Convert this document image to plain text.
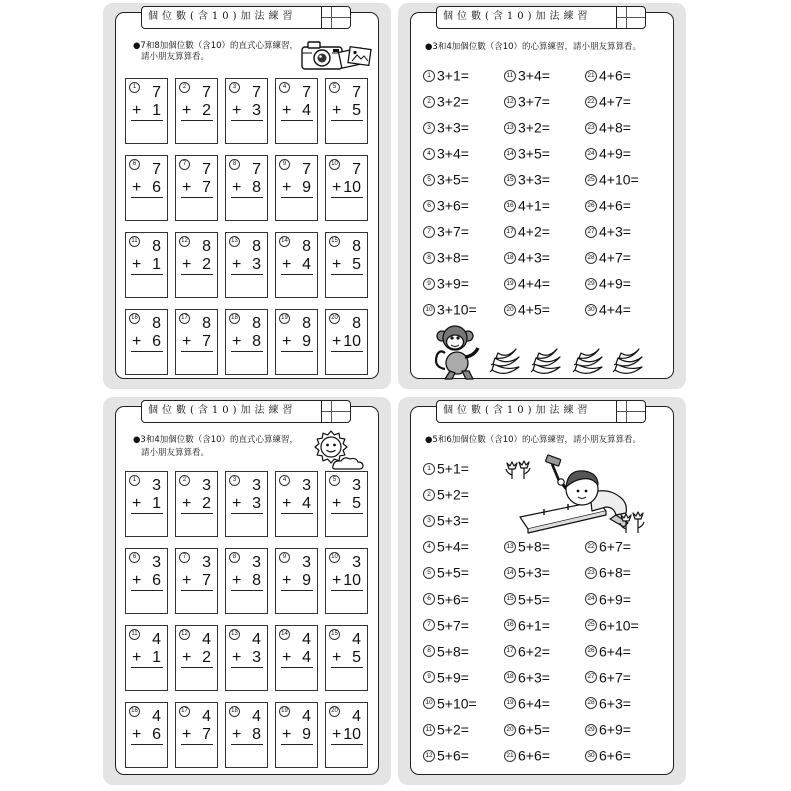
個位數(含10)加法練習
●7和8加個位數（含10）的直式心算練習，
請小朋友算算看。
1 7
+ 1
2 7
+ 2
3 7
+ 3
4 7
+ 4
5 7
+ 5
6 7
+ 6
7 7
+ 7
8 7
+ 8
9 7
+ 9
10 7
+ 10
11 8
+ 1
12 8
+ 2
13 8
+ 3
14 8
+ 4
15 8
+ 5
16 8
+ 6
17 8
+ 7
18 8
+ 8
19 8
+ 9
20 8
+ 10
個位數(含10)加法練習
●3和4加個位數（含10）的心算練習，請小朋友算算看。
1 3+1=	11 3+4=	21 4+6=
2 3+2=	12 3+7=	22 4+7=
3 3+3=	13 3+2=	23 4+8=
4 3+4=	14 3+5=	24 4+9=
5 3+5=	15 3+3=	25 4+10=
6 3+6=	16 4+1=	26 4+6=
7 3+7=	17 4+2=	27 4+3=
8 3+8=	18 4+3=	28 4+7=
9 3+9=	19 4+4=	29 4+9=
10 3+10=	20 4+5=	30 4+4=
個位數(含10)加法練習
●3和4加個位數（含10）的直式心算練習，
請小朋友算算看。
1 3
+ 1
2 3
+ 2
3 3
+ 3
4 3
+ 4
5 3
+ 5
6 3
+ 6
7 3
+ 7
8 3
+ 8
9 3
+ 9
10 3
+ 10
11 4
+ 1
12 4
+ 2
13 4
+ 3
14 4
+ 4
15 4
+ 5
16 4
+ 6
17 4
+ 7
18 4
+ 8
19 4
+ 9
20 4
+ 10
個位數(含10)加法練習
●5和6加個位數（含10）的心算練習，請小朋友算算看。
1 5+1=
2 5+2=
3 5+3=
4 5+4=	13 5+8=	22 6+7=
5 5+5=	14 5+3=	23 6+8=
6 5+6=	15 5+5=	24 6+9=
7 5+7=	16 6+1=	25 6+10=
8 5+8=	17 6+2=	26 6+4=
9 5+9=	18 6+3=	27 6+7=
10 5+10=	19 6+4=	28 6+3=
11 5+2=	20 6+5=	29 6+9=
12 5+6=	21 6+6=	30 6+6=
